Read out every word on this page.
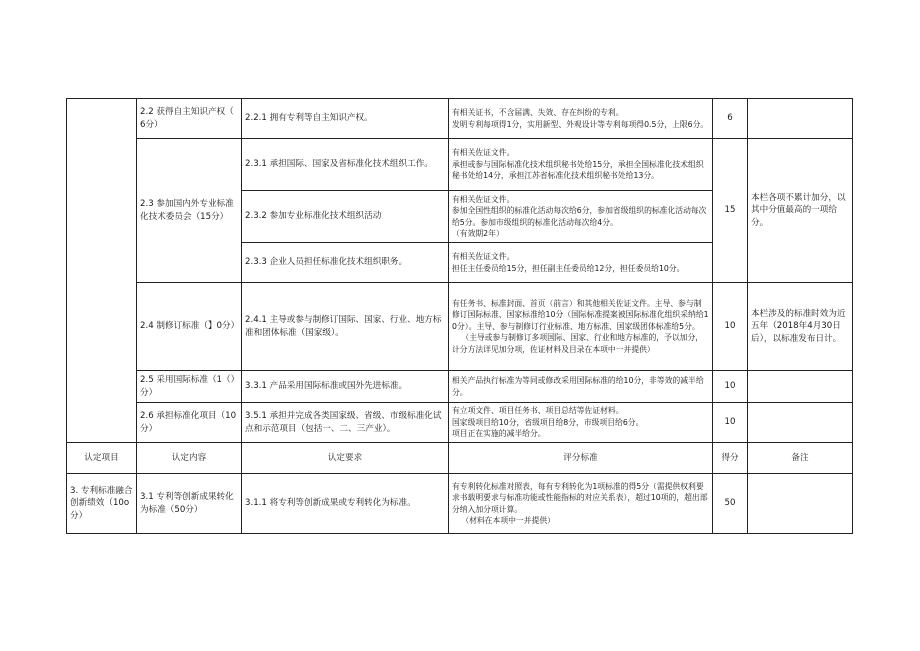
	2.2 获得自主知识产权（ 6分）	2.2.1 拥有专利等自主知识产权。	有相关证书，不含届满、失效、存在纠纷的专利。
发明专利每项得1分，实用新型、外观设计等专利每项得0.5分，上限6分。	6	
	2.3 参加国内外专业标准化技术委员会（15分）	2.3.1 承担国际、国家及省标准化技术组织工作。	有相关佐证文件。
承担或参与国际标准化技术组织秘书处给15分，承担全国标准化技术组织秘书处给14分，承担江苏省标准化技术组织秘书处给13分。	15	本栏各项不累计加分，以其中分值最高的一项给分。
		2.3.2 参加专业标准化技术组织活动	有相关佐证文件。
参加全国性组织的标准化活动每次给6分，参加省级组织的标准化活动每次给5分。参加市级组织的标准化活动每次给4分。
（有效期2年）		

		2.3.3 企业人员担任标准化技术组织职务。	有相关佐证文件。
担任主任委员给15分，担任副主任委员给12分，担任委员给10分。		

	2.4 制修订标准（】0分）	2.4.1 主导或参与制修订国际、国家、行业、地方标准和团体标准（国家级）。	有任务书、标准封面、首页（前言）和其他相关佐证文件。主导、参与制修订国际标准、国家标准给10分（国际标准提案被国际标准化组织采纳给10分）。主导、参与制修订行业标准、地方标准、国家级团体标准给5分。
（主导或参与制修订多项国际、国家、行业和地方标准的，予以加分，计分方法详见加分项，佐证材料及目录在本项中一并提供）	10	本栏涉及的标准时效为近五年（2018年4月30日后），以标准发布日计。
	2.5 采用国际标准（1（）分）	3.3.1 产品采用国际标准或国外先进标准。	相关产品执行标准为等同或修改采用国际标准的给10分，非等效的减半给分。	10	
	2.6 承担标准化项目（10分）	3.5.1 承担并完成各类国家级、省级、市级标准化试点和示范项目（包括一、二、三产业）。	有立项文件、项目任务书、项目总结等佐证材料。
国家级项目给10分，省级项目给8分，市级项目给6分。
项目正在实施的减半给分。	10	
认定项目	认定内容	认定要求	评分标准	得分	备注
3. 专利标准融合创新绩效（10o分）	3.1 专利等创新成果转化为标准（50分）	3.1.1 将专利等创新成果或专利转化为标准。	有专利转化标准对照表，每有专利转化为1项标准的得5分（需提供权利要求书载明要求与标准功能或性能指标的对应关系表），超过10项的，超出部分纳入加分项计算。
（材料在本项中一并提供）	50	
